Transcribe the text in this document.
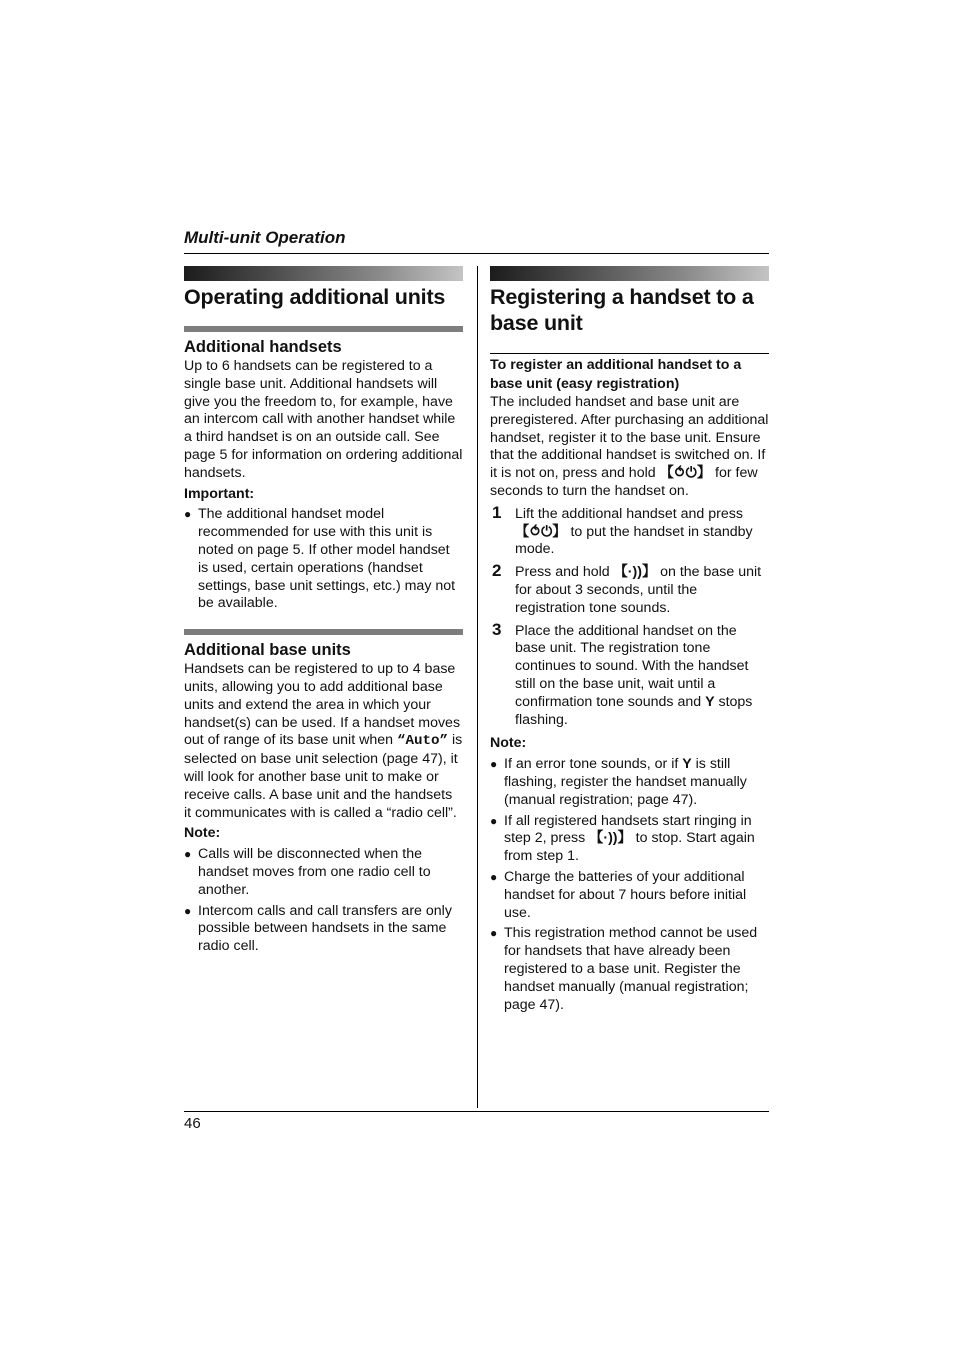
Multi-unit Operation
Operating additional units
Additional handsets

Up to 6 handsets can be registered to a single base unit. Additional handsets will give you the freedom to, for example, have an intercom call with another handset while a third handset is on an outside call. See page 5 for information on ordering additional handsets.

Important:
● The additional handset model recommended for use with this unit is noted on page 5. If other model handset is used, certain operations (handset settings, base unit settings, etc.) may not be available.
Additional base units

Handsets can be registered to up to 4 base units, allowing you to add additional base units and extend the area in which your handset(s) can be used. If a handset moves out of range of its base unit when “Auto” is selected on base unit selection (page 47), it will look for another base unit to make or receive calls. A base unit and the handsets it communicates with is called a “radio cell”.

Note:
● Calls will be disconnected when the handset moves from one radio cell to another.
● Intercom calls and call transfers are only possible between handsets in the same radio cell.
Registering a handset to a base unit
To register an additional handset to a base unit (easy registration)

The included handset and base unit are preregistered. After purchasing an additional handset, register it to the base unit. Ensure that the additional handset is switched on. If it is not on, press and hold 【⥀⏻】 for few seconds to turn the handset on.

1 Lift the additional handset and press 【⥀⏻】 to put the handset in standby mode.
2 Press and hold 【·))】 on the base unit for about 3 seconds, until the registration tone sounds.
3 Place the additional handset on the base unit. The registration tone continues to sound. With the handset still on the base unit, wait until a confirmation tone sounds and Υ stops flashing.
Note:
● If an error tone sounds, or if Υ is still flashing, register the handset manually (manual registration; page 47).
● If all registered handsets start ringing in step 2, press 【·))】 to stop. Start again from step 1.
● Charge the batteries of your additional handset for about 7 hours before initial use.
● This registration method cannot be used for handsets that have already been registered to a base unit. Register the handset manually (manual registration; page 47).
46
